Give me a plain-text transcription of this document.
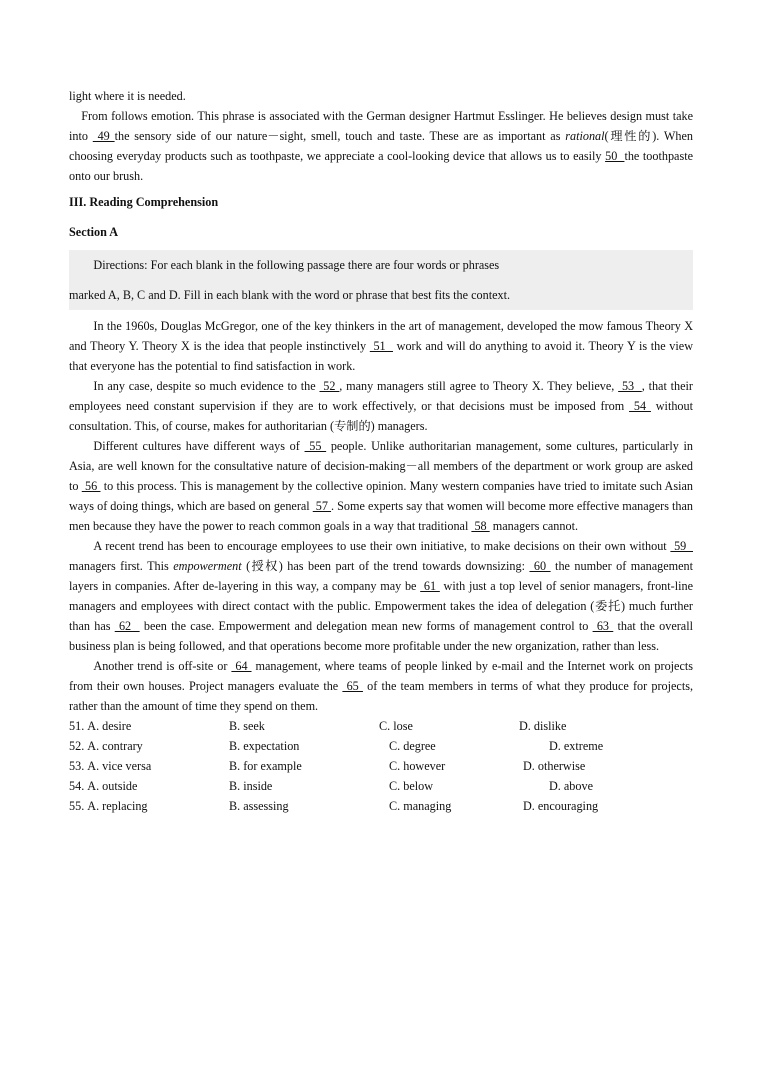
light where it is needed.

From follows emotion. This phrase is associated with the German designer Hartmut Esslinger. He believes design must take into  49 the sensory side of our nature－sight, smell, touch and taste. These are as important as rational(理性的). When choosing everyday products such as toothpaste, we appreciate a cool-looking device that allows us to easily 50  the toothpaste onto our brush.

III. Reading Comprehension

Section A

Directions: For each blank in the following passage there are four words or phrases
marked A, B, C and D. Fill in each blank with the word or phrase that best fits the context.

In the 1960s, Douglas McGregor, one of the key thinkers in the art of management, developed the mow famous Theory X and Theory Y. Theory X is the idea that people instinctively  51   work and will do anything to avoid it. Theory Y is the view that everyone has the potential to find satisfaction in work.

In any case, despite so much evidence to the  52 , many managers still agree to Theory X. They believe,  53  , that their employees need constant supervision if they are to work effectively, or that decisions must be imposed from  54  without consultation. This, of course, makes for authoritarian (专制的) managers.

Different cultures have different ways of  55  people. Unlike authoritarian management, some cultures, particularly in Asia, are well known for the consultative nature of decision-making－all members of the department or work group are asked to  56  to this process. This is management by the collective opinion. Many western companies have tried to imitate such Asian ways of doing things, which are based on general  57 . Some experts say that women will become more effective managers than men because they have the power to reach common goals in a way that traditional  58  managers cannot.

A recent trend has been to encourage employees to use their own initiative, to make decisions on their own without  59   managers first. This empowerment (授权) has been part of the trend towards downsizing:  60  the number of management layers in companies. After de-layering in this way, a company may be  61  with just a top level of senior managers, front-line managers and employees with direct contact with the public. Empowerment takes the idea of delegation (委托) much further than has  62   been the case. Empowerment and delegation mean new forms of management control to  63  that the overall business plan is being followed, and that operations become more profitable under the new organization, rather than less.

Another trend is off-site or  64  management, where teams of people linked by e-mail and the Internet work on projects from their own houses. Project managers evaluate the  65  of the team members in terms of what they produce for projects, rather than the amount of time they spend on them.

51. A. desire	B. seek	C. lose	D. dislike
52. A. contrary	B. expectation	C. degree	D. extreme
53. A. vice versa	B. for example	C. however	D. otherwise
54. A. outside	B. inside	C. below	D. above
55. A. replacing	B. assessing	C. managing	D. encouraging
